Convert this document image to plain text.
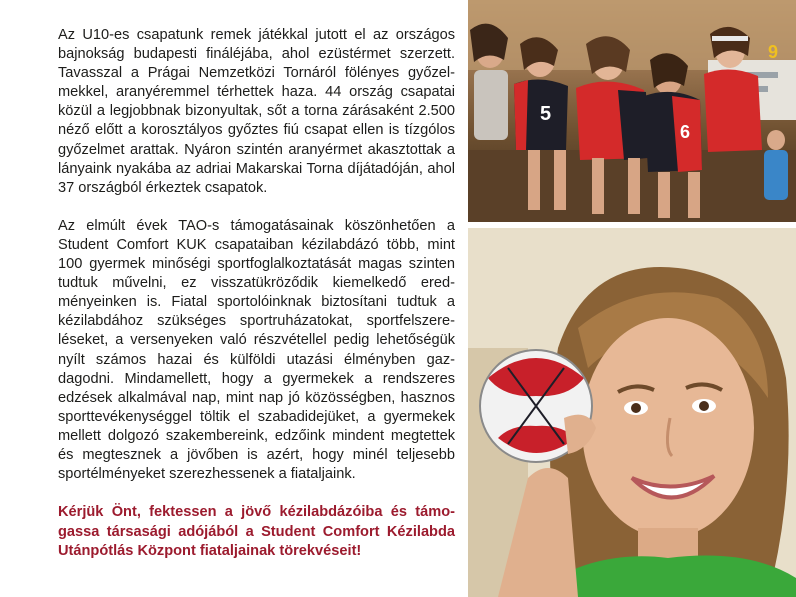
Az U10-es csapatunk remek játékkal jutott el az országos bajnokság budapesti fináléjába, ahol ezüstérmet szerzett. Tavasszal a Prágai Nemzetközi Tornáról fölényes győzelmekkel, aranyéremmel térhettek haza. 44 ország csapatai közül a legjobbnak bizonyultak, sőt a torna zárásaként 2.500 néző előtt a korosztályos győztes fiú csapat ellen is tízgólos győzelmet arattak. Nyáron szintén aranyérmet akasztottak a lányaink nyakába az adriai Makarskai Torna díjátadóján, ahol 37 országból érkeztek csapatok.

Az elmúlt évek TAO-s támogatásainak köszönhetően a Student Comfort KUK csapataiban kézilabdázó több, mint 100 gyermek minőségi sportfoglalkoztatását magas szinten tudtuk művelni, ez visszatükröződik kiemelkedő eredményeinken is. Fiatal sportolóinknak biztosítani tudtuk a kézilabdához szükséges sportruházatokat, sportfelszereléseket, a versenyeken való részvétellel pedig lehetőségük nyílt számos hazai és külföldi utazási élményben gazdagodni. Mindamellett, hogy a gyermekek a rendszeres edzések alkalmával nap, mint nap jó közösségben, hasznos sporttevékenységgel töltik el szabadidejüket, a gyermekek mellett dolgozó szakembereink, edzőink mindent megtettek és megtesznek a jövőben is azért, hogy minél teljesebb sportélményeket szerezhessenek a fiataljaink.

Kérjük Önt, fektessen a jövő kézilabdázóiba és támogassa társasági adójából a Student Comfort Kézilabda Utánpótlás Központ fiataljainak törekvéseit!

5
6
9
